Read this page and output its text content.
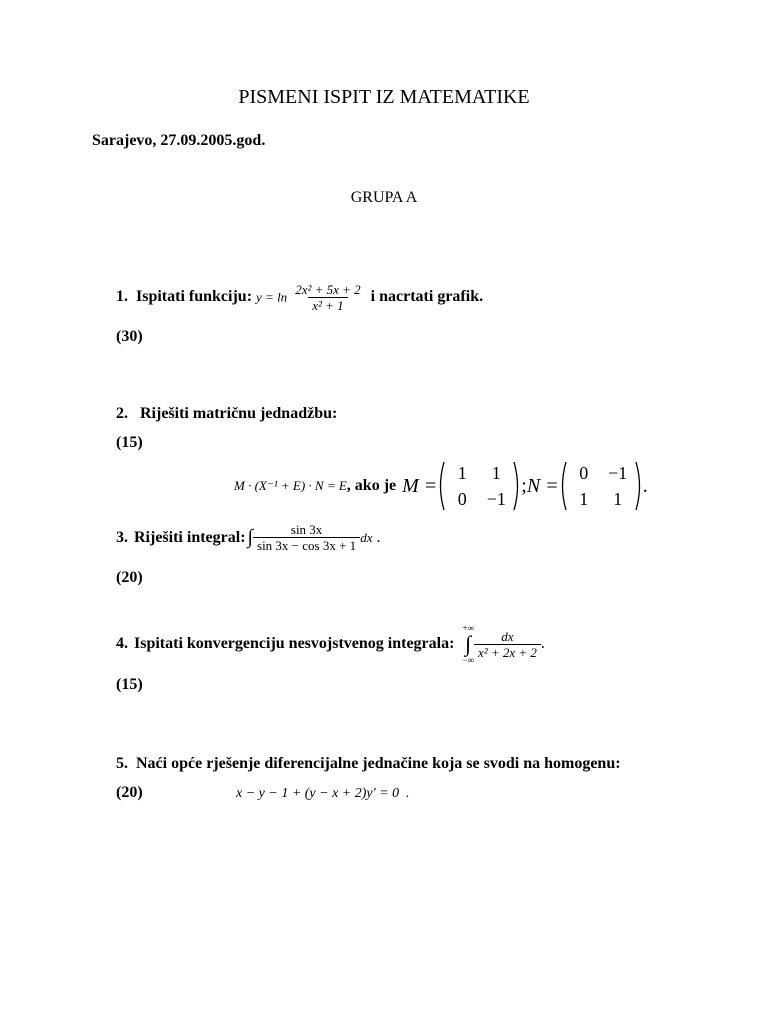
PISMENI ISPIT IZ MATEMATIKE
Sarajevo, 27.09.2005.god.
GRUPA A
1. Ispitati funkciju: $y = \ln \frac{\text{2x² + 5x + 2}}{\text{x² + 1}}$ i nacrtati grafik.
(30)
2. Riješiti matričnu jednadžbu:
(15)
M · (X⁻¹ + E) · N = E , ako je M =
1	1
0	−1
; N =
0	−1
1	1
.
3. Riješiti integral: ∫ $\frac{\sin 3x}{\sin 3x - \cos 3x + 1}$ dx .
(20)
4. Ispitati konvergenciju nesvojstvenog integrala:
+∞
∫
−∞
$\frac{dx}{\text{x² + 2x + 2}}$ .
(15)
5. Naći opće rješenje diferencijalne jednačine koja se svodi na homogenu:
(20)	x − y − 1 + (y − x + 2)y′ = 0 .
